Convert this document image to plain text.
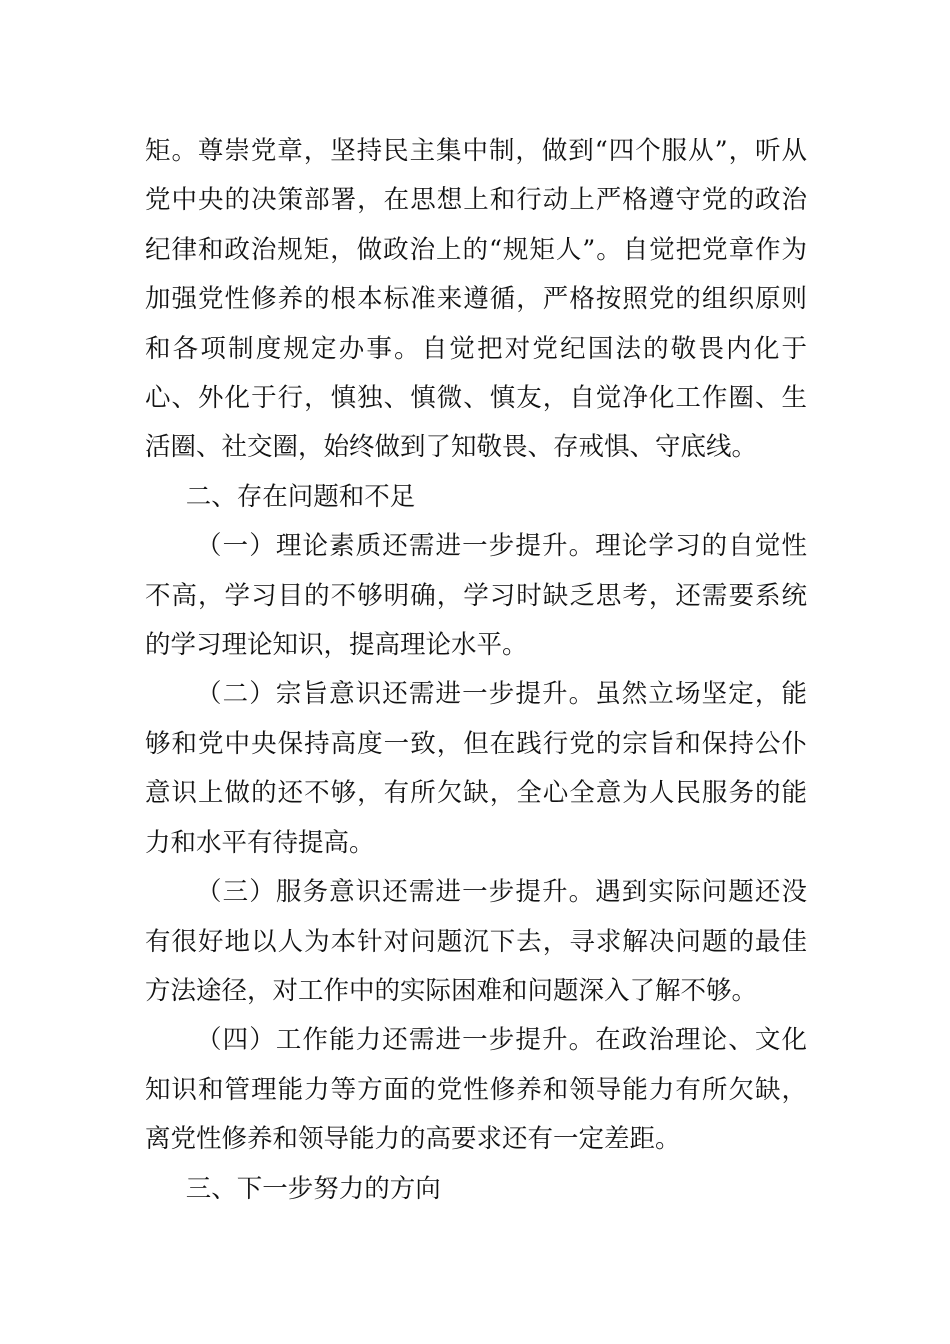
矩。尊崇党章，坚持民主集中制，做到“四个服从”，听从党中央的决策部署，在思想上和行动上严格遵守党的政治纪律和政治规矩，做政治上的“规矩人”。自觉把党章作为加强党性修养的根本标准来遵循，严格按照党的组织原则和各项制度规定办事。自觉把对党纪国法的敬畏内化于心、外化于行，慎独、慎微、慎友，自觉净化工作圈、生活圈、社交圈，始终做到了知敬畏、存戒惧、守底线。

二、存在问题和不足

（一）理论素质还需进一步提升。理论学习的自觉性不高，学习目的不够明确，学习时缺乏思考，还需要系统的学习理论知识，提高理论水平。

（二）宗旨意识还需进一步提升。虽然立场坚定，能够和党中央保持高度一致，但在践行党的宗旨和保持公仆意识上做的还不够，有所欠缺，全心全意为人民服务的能力和水平有待提高。

（三）服务意识还需进一步提升。遇到实际问题还没有很好地以人为本针对问题沉下去，寻求解决问题的最佳方法途径，对工作中的实际困难和问题深入了解不够。

（四）工作能力还需进一步提升。在政治理论、文化知识和管理能力等方面的党性修养和领导能力有所欠缺，离党性修养和领导能力的高要求还有一定差距。

三、下一步努力的方向
